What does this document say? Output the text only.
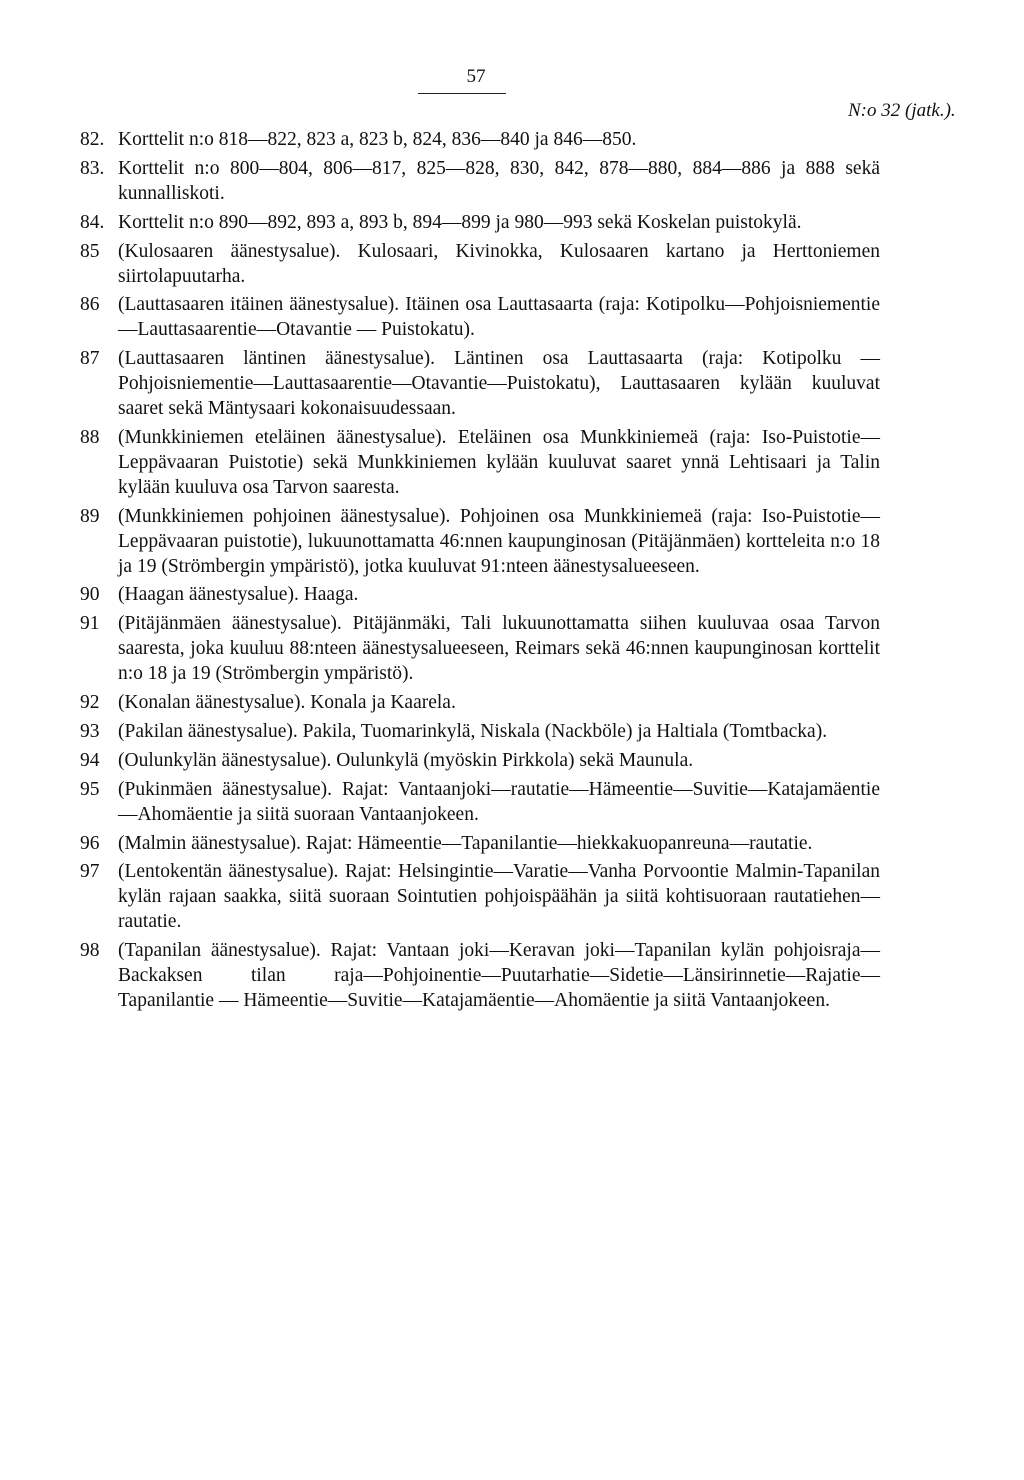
57
N:o 32 (jatk.).
82. Korttelit n:o 818—822, 823 a, 823 b, 824, 836—840 ja 846—850.
83. Korttelit n:o 800—804, 806—817, 825—828, 830, 842, 878—880, 884—886 ja 888 sekä kunnalliskoti.
84. Korttelit n:o 890—892, 893 a, 893 b, 894—899 ja 980—993 sekä Koskelan puistokylä.
85 (Kulosaaren äänestysalue). Kulosaari, Kivinokka, Kulosaaren kartano ja Herttoniemen siirtolapuutarha.
86 (Lauttasaaren itäinen äänestysalue). Itäinen osa Lauttasaarta (raja: Kotipolku—Pohjoisniementie—Lauttasaarentie—Otavantie — Puistokatu).
87 (Lauttasaaren läntinen äänestysalue). Läntinen osa Lauttasaarta (raja: Kotipolku — Pohjoisniementie—Lauttasaarentie—Otavantie—Puistokatu), Lauttasaaren kylään kuuluvat saaret sekä Mäntysaari kokonaisuudessaan.
88 (Munkkiniemen eteläinen äänestysalue). Eteläinen osa Munkkiniemeä (raja: Iso-Puistotie—Leppävaaran Puistotie) sekä Munkkiniemen kylään kuuluvat saaret ynnä Lehtisaari ja Talin kylään kuuluva osa Tarvon saaresta.
89 (Munkkiniemen pohjoinen äänestysalue). Pohjoinen osa Munkkiniemeä (raja: Iso-Puistotie—Leppävaaran puistotie), lukuunottamatta 46:nnen kaupunginosan (Pitäjänmäen) kortteleita n:o 18 ja 19 (Strömbergin ympäristö), jotka kuuluvat 91:nteen äänestysalueeseen.
90 (Haagan äänestysalue). Haaga.
91 (Pitäjänmäen äänestysalue). Pitäjänmäki, Tali lukuunottamatta siihen kuuluvaa osaa Tarvon saaresta, joka kuuluu 88:nteen äänestysalueeseen, Reimars sekä 46:nnen kaupunginosan korttelit n:o 18 ja 19 (Strömbergin ympäristö).
92 (Konalan äänestysalue). Konala ja Kaarela.
93 (Pakilan äänestysalue). Pakila, Tuomarinkylä, Niskala (Nackböle) ja Haltiala (Tomtbacka).
94 (Oulunkylän äänestysalue). Oulunkylä (myöskin Pirkkola) sekä Maunula.
95 (Pukinmäen äänestysalue). Rajat: Vantaanjoki—rautatie—Hämeentie—Suvitie—Katajamäentie—Ahomäentie ja siitä suoraan Vantaanjokeen.
96 (Malmin äänestysalue). Rajat: Hämeentie—Tapanilantie—hiekkakuopanreuna—rautatie.
97 (Lentokentän äänestysalue). Rajat: Helsingintie—Varatie—Vanha Porvoontie Malmin-Tapanilan kylän rajaan saakka, siitä suoraan Sointutien pohjoispäähän ja siitä kohtisuoraan rautatiehen—rautatie.
98 (Tapanilan äänestysalue). Rajat: Vantaan joki—Keravan joki—Tapanilan kylän pohjoisraja—Backaksen tilan raja—Pohjoinentie—Puutarhatie—Sidetie—Länsirinnetie—Rajatie—Tapanilantie — Hämeentie—Suvitie—Katajamäentie—Ahomäentie ja siitä Vantaanjokeen.
